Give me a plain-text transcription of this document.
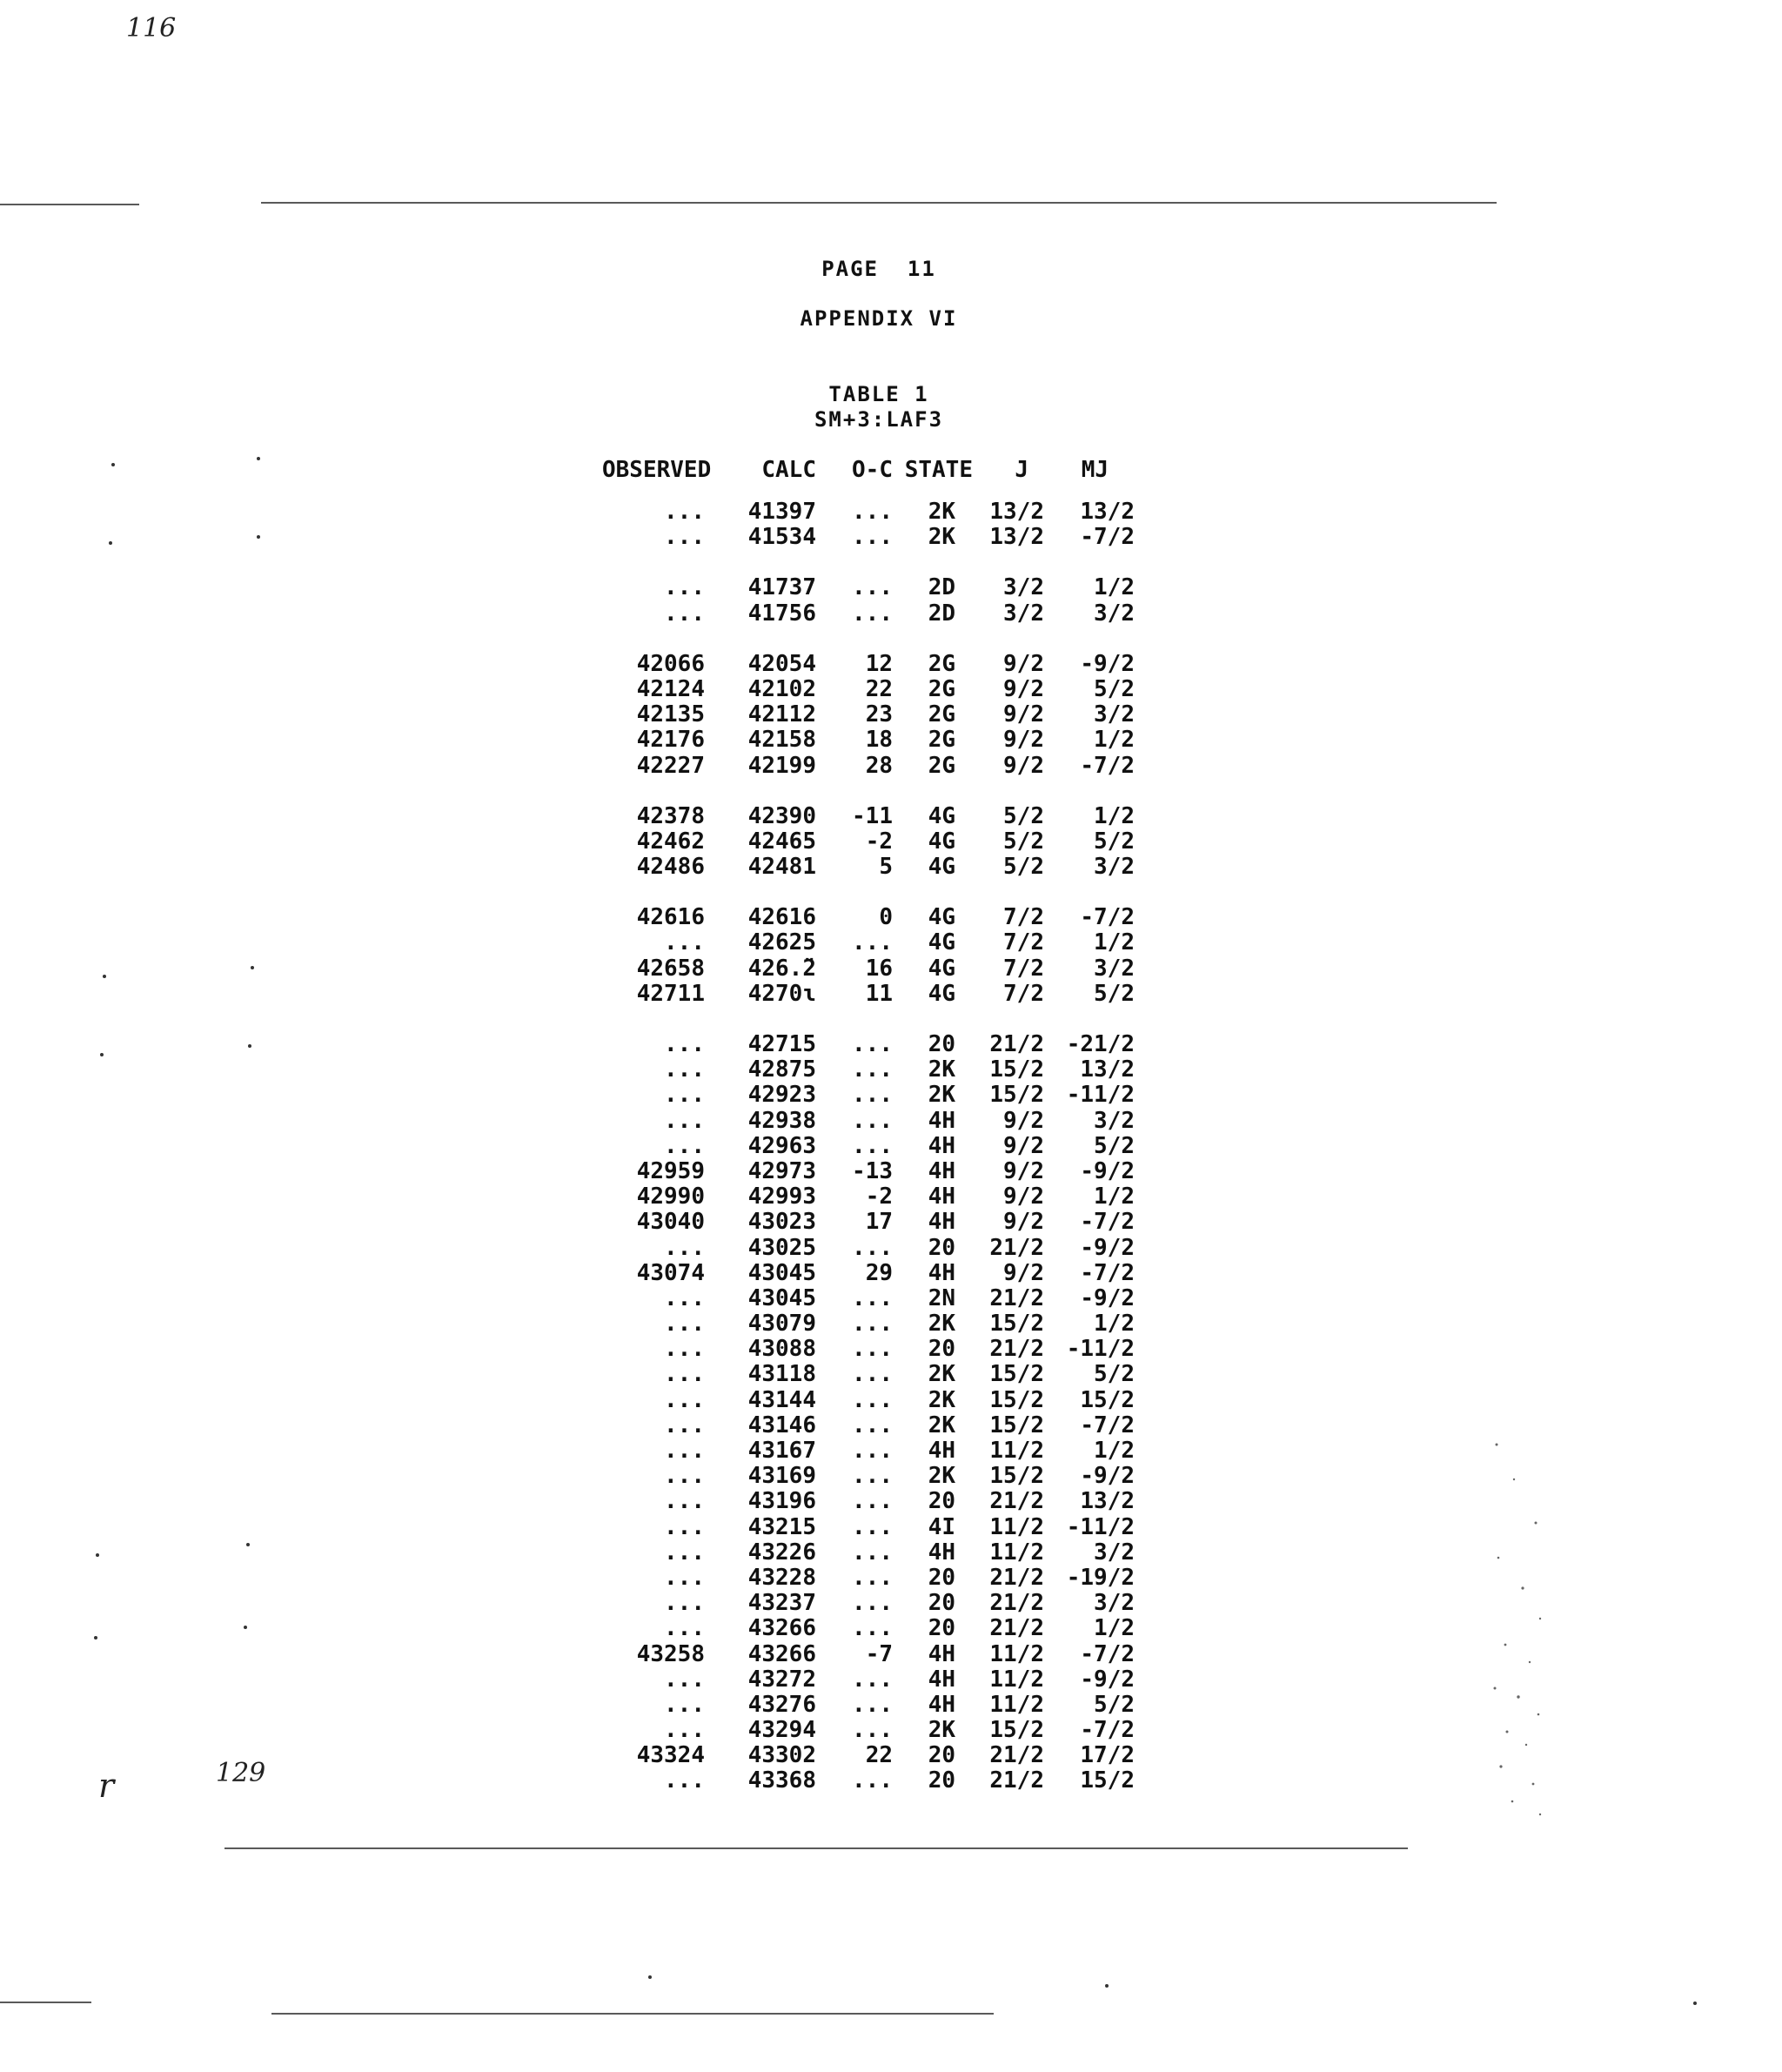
116
129
r
PAGE  11
APPENDIX VI
TABLE 1
SM+3:LAF3
OBSERVED	CALC	O-C STATE	J	MJ
...	41397	...	2K	13/2	13/2
...	41534	...	2K	13/2	-7/2
...	41737	...	2D	3/2	1/2
...	41756	...	2D	3/2	3/2
42066	42054	12	2G	9/2	-9/2
42124	42102	22	2G	9/2	5/2
42135	42112	23	2G	9/2	3/2
42176	42158	18	2G	9/2	1/2
42227	42199	28	2G	9/2	-7/2
42378	42390	-11	4G	5/2	1/2
42462	42465	-2	4G	5/2	5/2
42486	42481	5	4G	5/2	3/2
42616	42616	0	4G	7/2	-7/2
...	42625	...	4G	7/2	1/2
42658	426.̈2	16	4G	7/2	3/2
42711	4270ɩ	11	4G	7/2	5/2
...	42715	...	20	21/2 -21/2
...	42875	...	2K	15/2	13/2
...	42923	...	2K	15/2 -11/2
...	42938	...	4H	9/2	3/2
...	42963	...	4H	9/2	5/2
42959	42973	-13	4H	9/2	-9/2
42990	42993	-2	4H	9/2	1/2
43040	43023	17	4H	9/2	-7/2
...	43025	...	20	21/2	-9/2
43074	43045	29	4H	9/2	-7/2
...	43045	...	2N	21/2	-9/2
...	43079	...	2K	15/2	1/2
...	43088	...	20	21/2 -11/2
...	43118	...	2K	15/2	5/2
...	43144	...	2K	15/2	15/2
...	43146	...	2K	15/2	-7/2
...	43167	...	4H	11/2	1/2
...	43169	...	2K	15/2	-9/2
...	43196	...	20	21/2	13/2
...	43215	...	4I	11/2 -11/2
...	43226	...	4H	11/2	3/2
...	43228	...	20	21/2 -19/2
...	43237	...	20	21/2	3/2
...	43266	...	20	21/2	1/2
43258	43266	-7	4H	11/2	-7/2
...	43272	...	4H	11/2	-9/2
...	43276	...	4H	11/2	5/2
...	43294	...	2K	15/2	-7/2
43324	43302	22	20	21/2	17/2
...	43368	...	20	21/2	15/2
